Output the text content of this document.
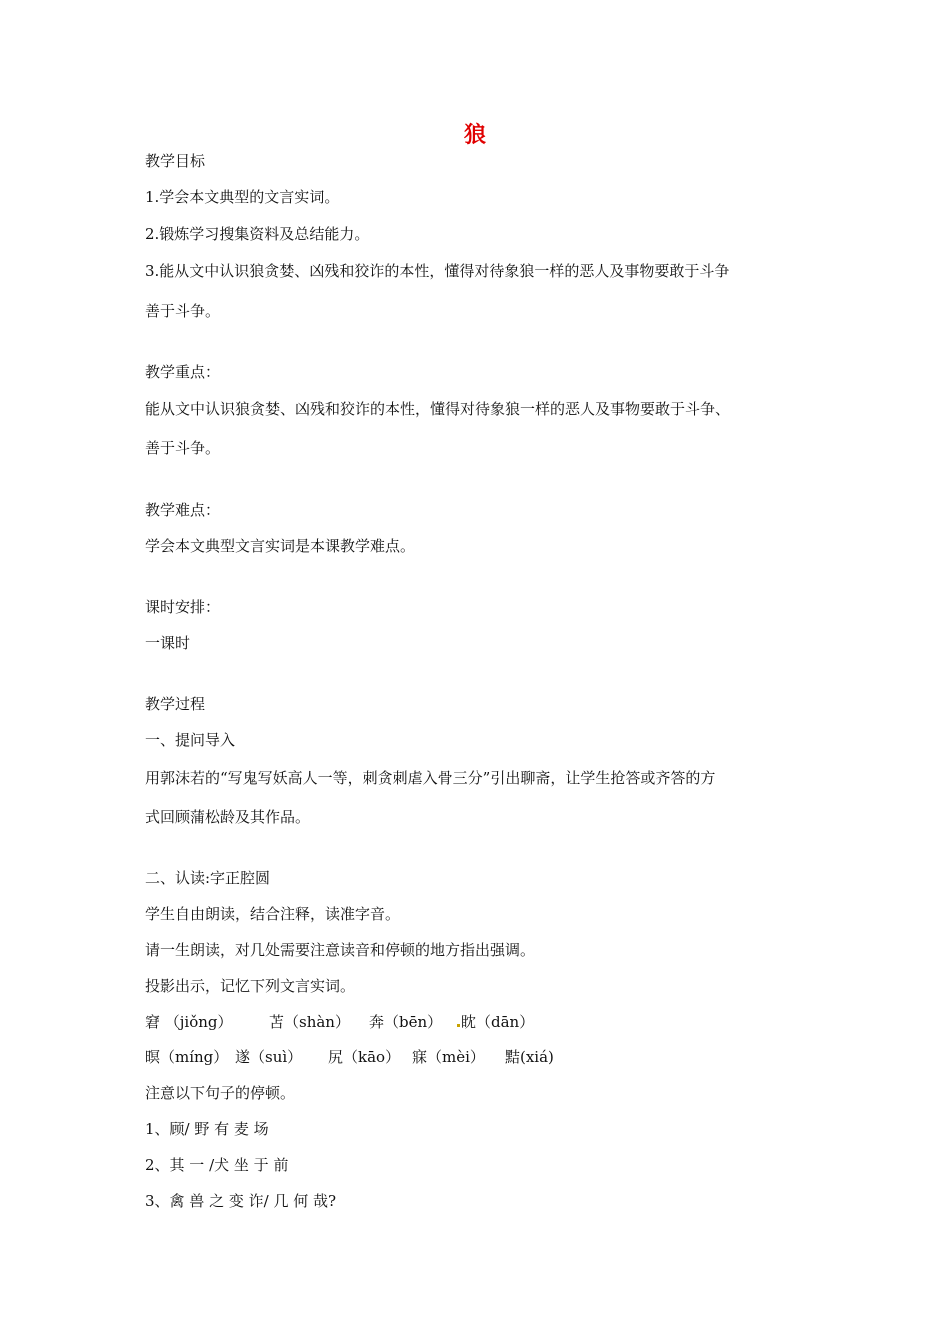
狼
教学目标
1.学会本文典型的文言实词。
2.锻炼学习搜集资料及总结能力。
3.能从文中认识狼贪婪、凶残和狡诈的本性，懂得对待象狼一样的恶人及事物要敢于斗争
善于斗争。
教学重点：
能从文中认识狼贪婪、凶残和狡诈的本性，懂得对待象狼一样的恶人及事物要敢于斗争、
善于斗争。
教学难点：
学会本文典型文言实词是本课教学难点。
课时安排：
一课时
教学过程
一、提问导入
用郭沫若的“写鬼写妖高人一等，刺贪刺虐入骨三分”引出聊斋，让学生抢答或齐答的方
式回顾蒲松龄及其作品。
二、认读:字正腔圆
学生自由朗读，结合注释，读准字音。
请一生朗读，对几处需要注意读音和停顿的地方指出强调。
投影出示，记忆下列文言实词。
窘 （jiǒng） 苫（shàn） 奔（bēn） 眈（dān）
暝（míng） 遂（suì） 尻（kāo） 寐（mèi） 黠(xiá)
注意以下句子的停顿。
1、顾/ 野 有 麦 场
2、其 一 /犬 坐 于 前
3、禽 兽 之 变 诈/ 几 何 哉?
